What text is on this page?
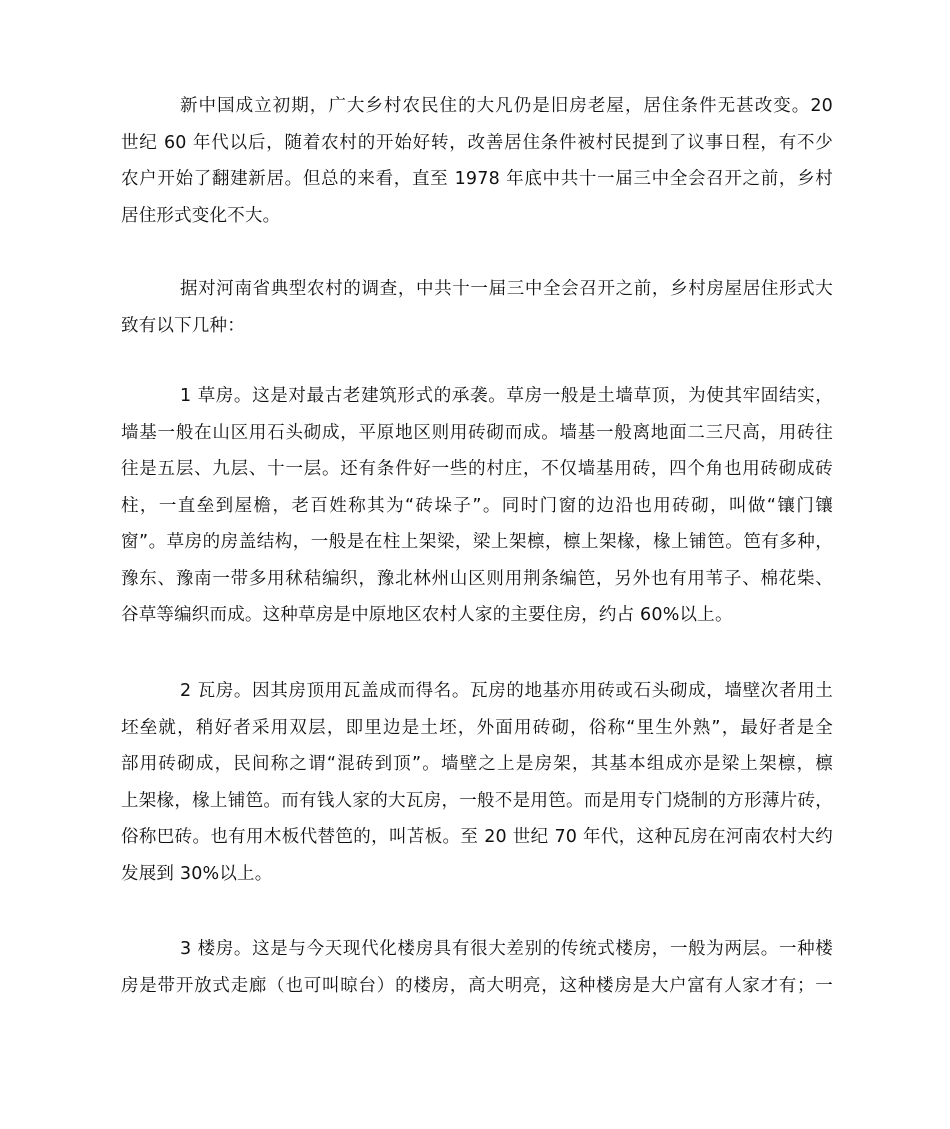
新中国成立初期，广大乡村农民住的大凡仍是旧房老屋，居住条件无甚改变。20
世纪 60 年代以后，随着农村的开始好转，改善居住条件被村民提到了议事日程，有不少
农户开始了翻建新居。但总的来看，直至 1978 年底中共十一届三中全会召开之前，乡村
居住形式变化不大。
据对河南省典型农村的调查，中共十一届三中全会召开之前，乡村房屋居住形式大
致有以下几种：
1 草房。这是对最古老建筑形式的承袭。草房一般是土墙草顶，为使其牢固结实，
墙基一般在山区用石头砌成，平原地区则用砖砌而成。墙基一般离地面二三尺高，用砖往
往是五层、九层、十一层。还有条件好一些的村庄，不仅墙基用砖，四个角也用砖砌成砖
柱，一直垒到屋檐，老百姓称其为“砖垛子”。同时门窗的边沿也用砖砌，叫做“镶门镶
窗”。草房的房盖结构，一般是在柱上架梁，梁上架檩，檩上架椽，椽上铺笆。笆有多种，
豫东、豫南一带多用秫秸编织，豫北林州山区则用荆条编笆，另外也有用苇子、棉花柴、
谷草等编织而成。这种草房是中原地区农村人家的主要住房，约占 60%以上。
2 瓦房。因其房顶用瓦盖成而得名。瓦房的地基亦用砖或石头砌成，墙壁次者用土
坯垒就，稍好者采用双层，即里边是土坯，外面用砖砌，俗称“里生外熟”，最好者是全
部用砖砌成，民间称之谓“混砖到顶”。墙壁之上是房架，其基本组成亦是梁上架檩，檩
上架椽，椽上铺笆。而有钱人家的大瓦房，一般不是用笆。而是用专门烧制的方形薄片砖，
俗称巴砖。也有用木板代替笆的，叫苫板。至 20 世纪 70 年代，这种瓦房在河南农村大约
发展到 30%以上。
3 楼房。这是与今天现代化楼房具有很大差别的传统式楼房，一般为两层。一种楼
房是带开放式走廊（也可叫晾台）的楼房，高大明亮，这种楼房是大户富有人家才有；一
